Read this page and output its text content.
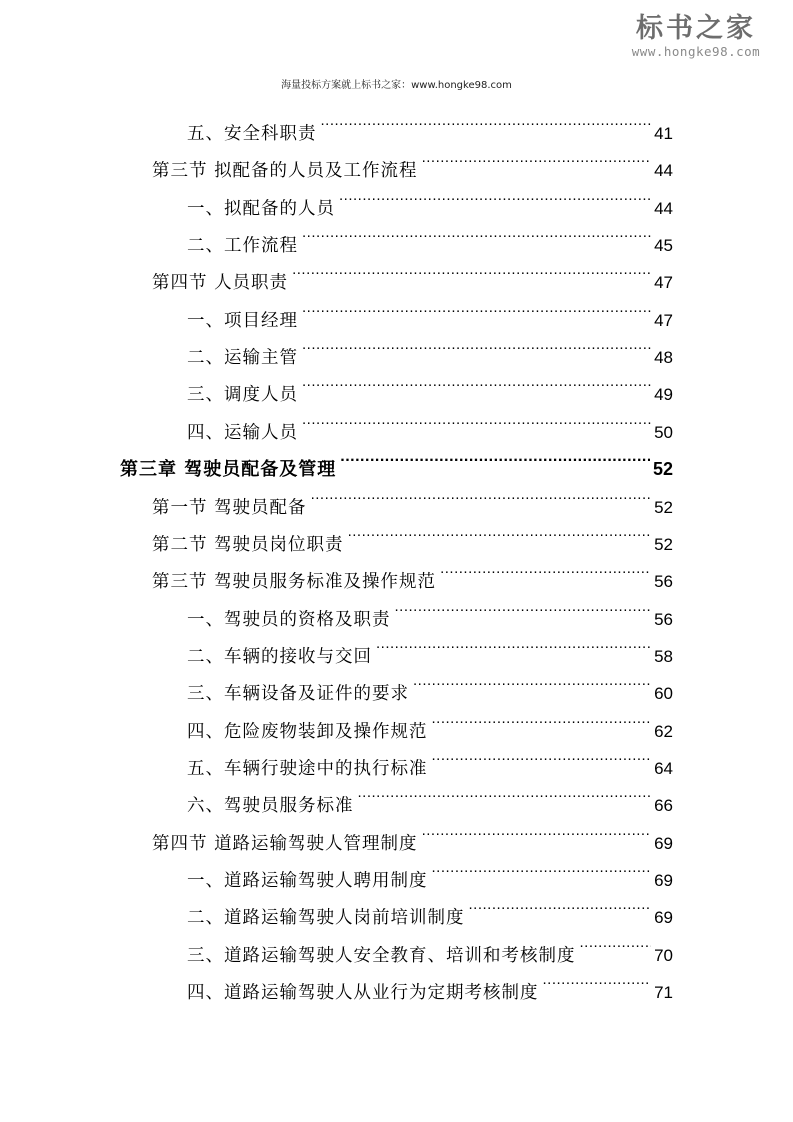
标书之家
www.hongke98.com
海量投标方案就上标书之家：www.hongke98.com
五、安全科职责 .....	41
第三节 拟配备的人员及工作流程 .....	44
一、拟配备的人员 .....	44
二、工作流程 .....	45
第四节 人员职责 .....	47
一、项目经理 .....	47
二、运输主管 .....	48
三、调度人员 .....	49
四、运输人员 .....	50
第三章 驾驶员配备及管理 .....	52
第一节 驾驶员配备 .....	52
第二节 驾驶员岗位职责 .....	52
第三节 驾驶员服务标准及操作规范 .....	56
一、驾驶员的资格及职责 .....	56
二、车辆的接收与交回 .....	58
三、车辆设备及证件的要求 .....	60
四、危险废物装卸及操作规范 .....	62
五、车辆行驶途中的执行标准 .....	64
六、驾驶员服务标准 .....	66
第四节 道路运输驾驶人管理制度 .....	69
一、道路运输驾驶人聘用制度 .....	69
二、道路运输驾驶人岗前培训制度 .....	69
三、道路运输驾驶人安全教育、培训和考核制度 .....	70
四、道路运输驾驶人从业行为定期考核制度 .....	71
